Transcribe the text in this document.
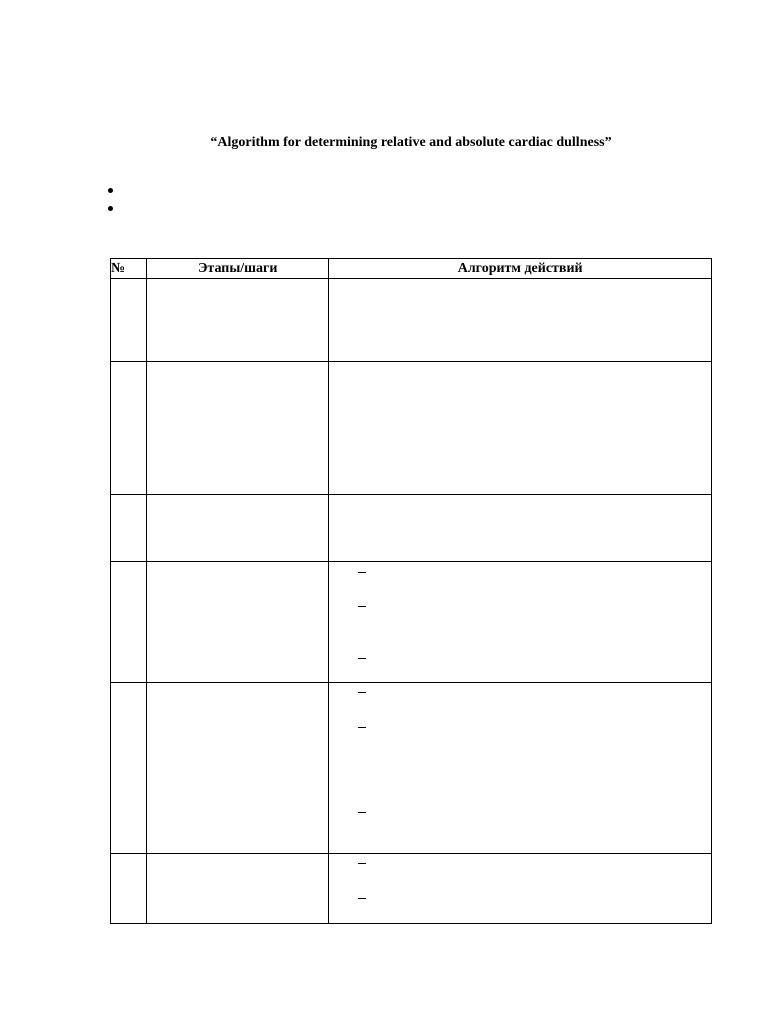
“Algorithm for determining relative and absolute cardiac dullness”
№	Этапы/шаги	Алгоритм действий
